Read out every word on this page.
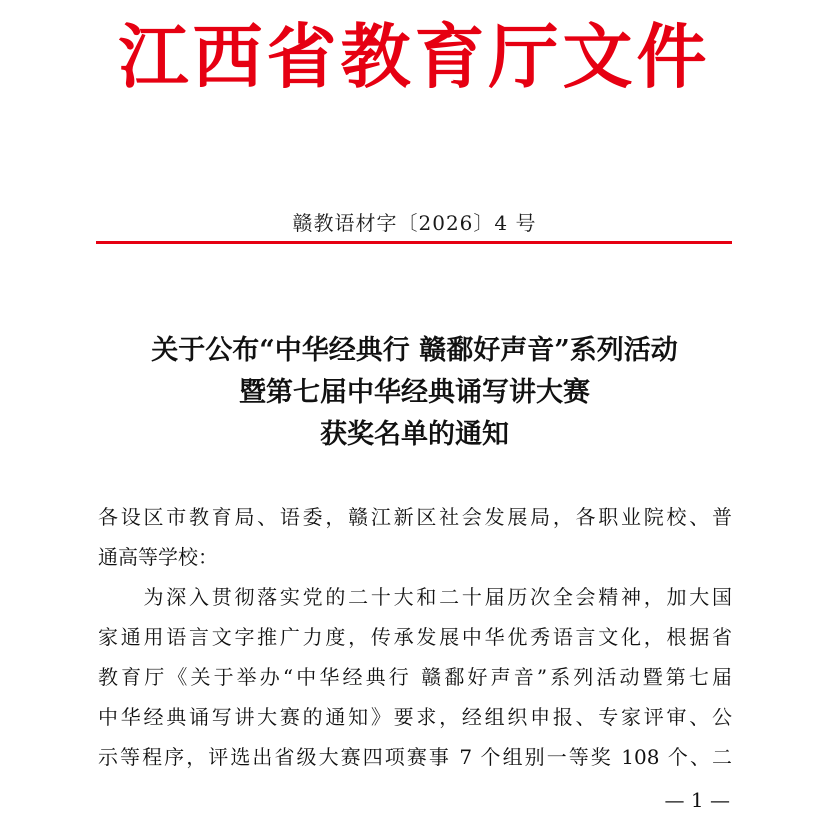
江西省教育厅文件
赣教语材字〔2026〕4 号
关于公布“中华经典行 赣鄱好声音”系列活动
暨第七届中华经典诵写讲大赛
获奖名单的通知
各设区市教育局、语委，赣江新区社会发展局，各职业院校、普
通高等学校：
　　为深入贯彻落实党的二十大和二十届历次全会精神，加大国
家通用语言文字推广力度，传承发展中华优秀语言文化，根据省
教育厅《关于举办“中华经典行 赣鄱好声音”系列活动暨第七届
中华经典诵写讲大赛的通知》要求，经组织申报、专家评审、公
示等程序，评选出省级大赛四项赛事 7 个组别一等奖 108 个、二
— 1 —
